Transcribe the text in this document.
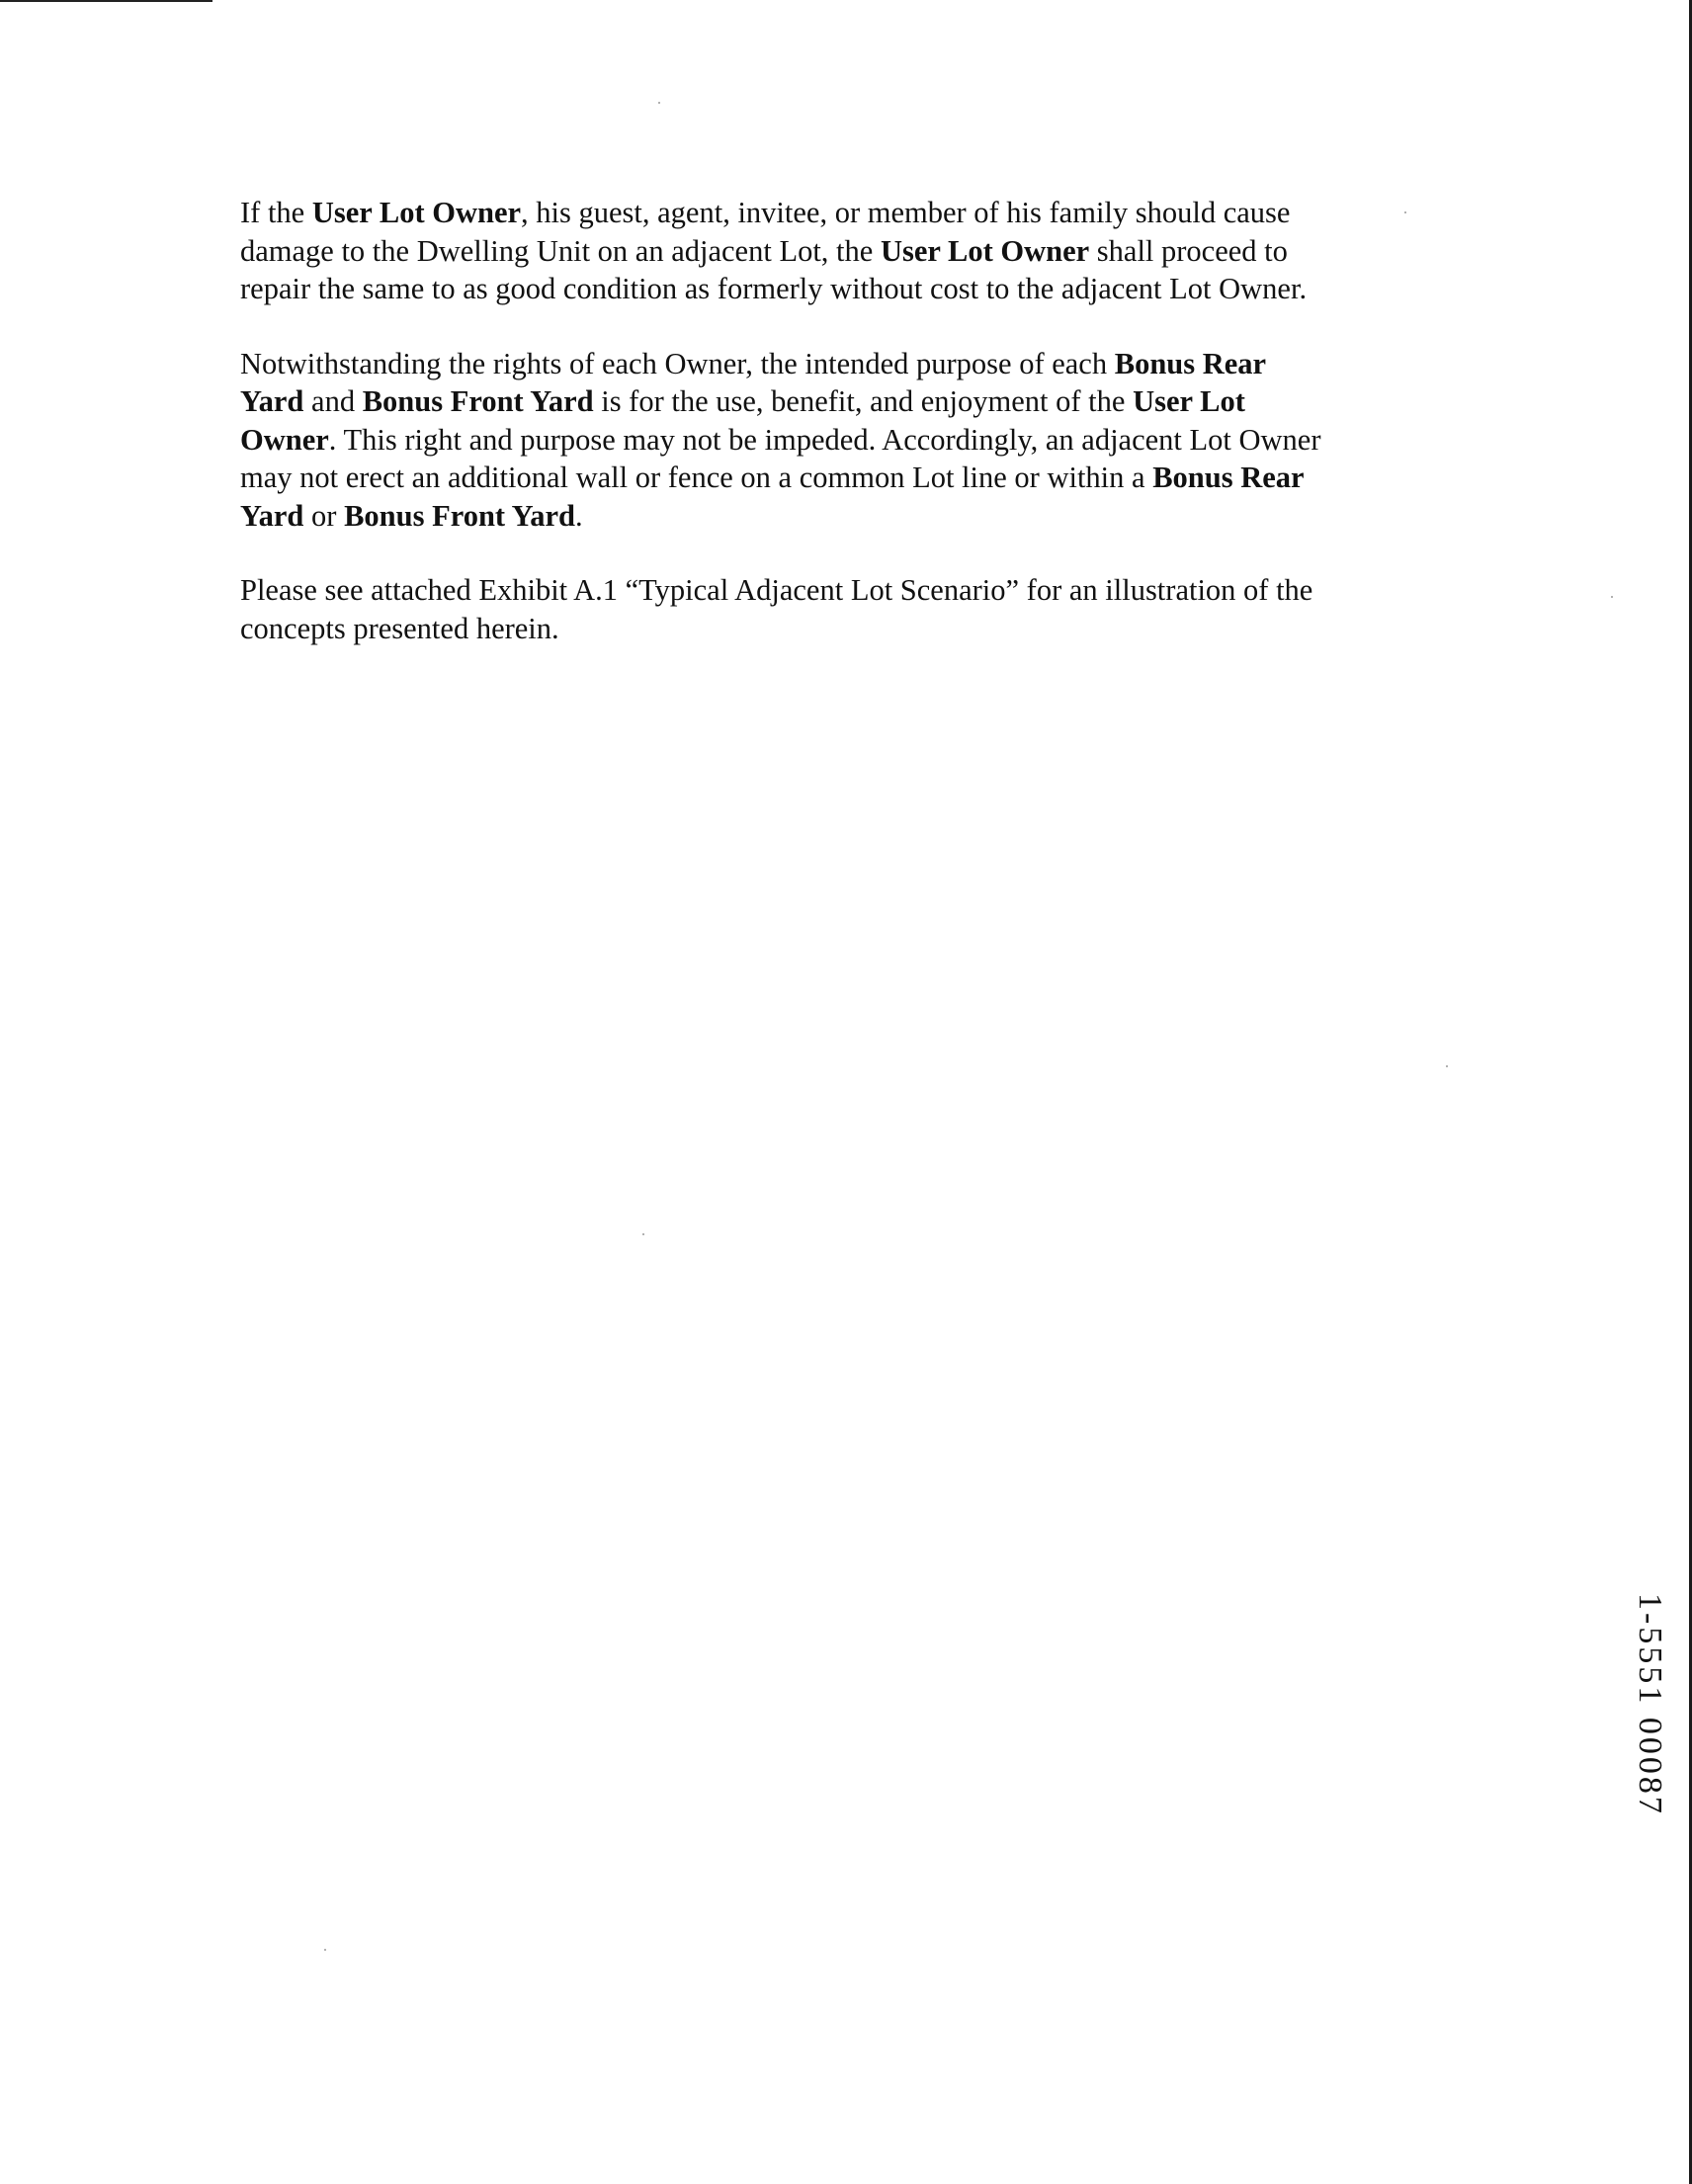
If the User Lot Owner, his guest, agent, invitee, or member of his family should cause
damage to the Dwelling Unit on an adjacent Lot, the User Lot Owner shall proceed to
repair the same to as good condition as formerly without cost to the adjacent Lot Owner.

Notwithstanding the rights of each Owner, the intended purpose of each Bonus Rear
Yard and Bonus Front Yard is for the use, benefit, and enjoyment of the User Lot
Owner. This right and purpose may not be impeded. Accordingly, an adjacent Lot Owner
may not erect an additional wall or fence on a common Lot line or within a Bonus Rear
Yard or Bonus Front Yard.

Please see attached Exhibit A.1 “Typical Adjacent Lot Scenario” for an illustration of the
concepts presented herein.

1-5551 00087
